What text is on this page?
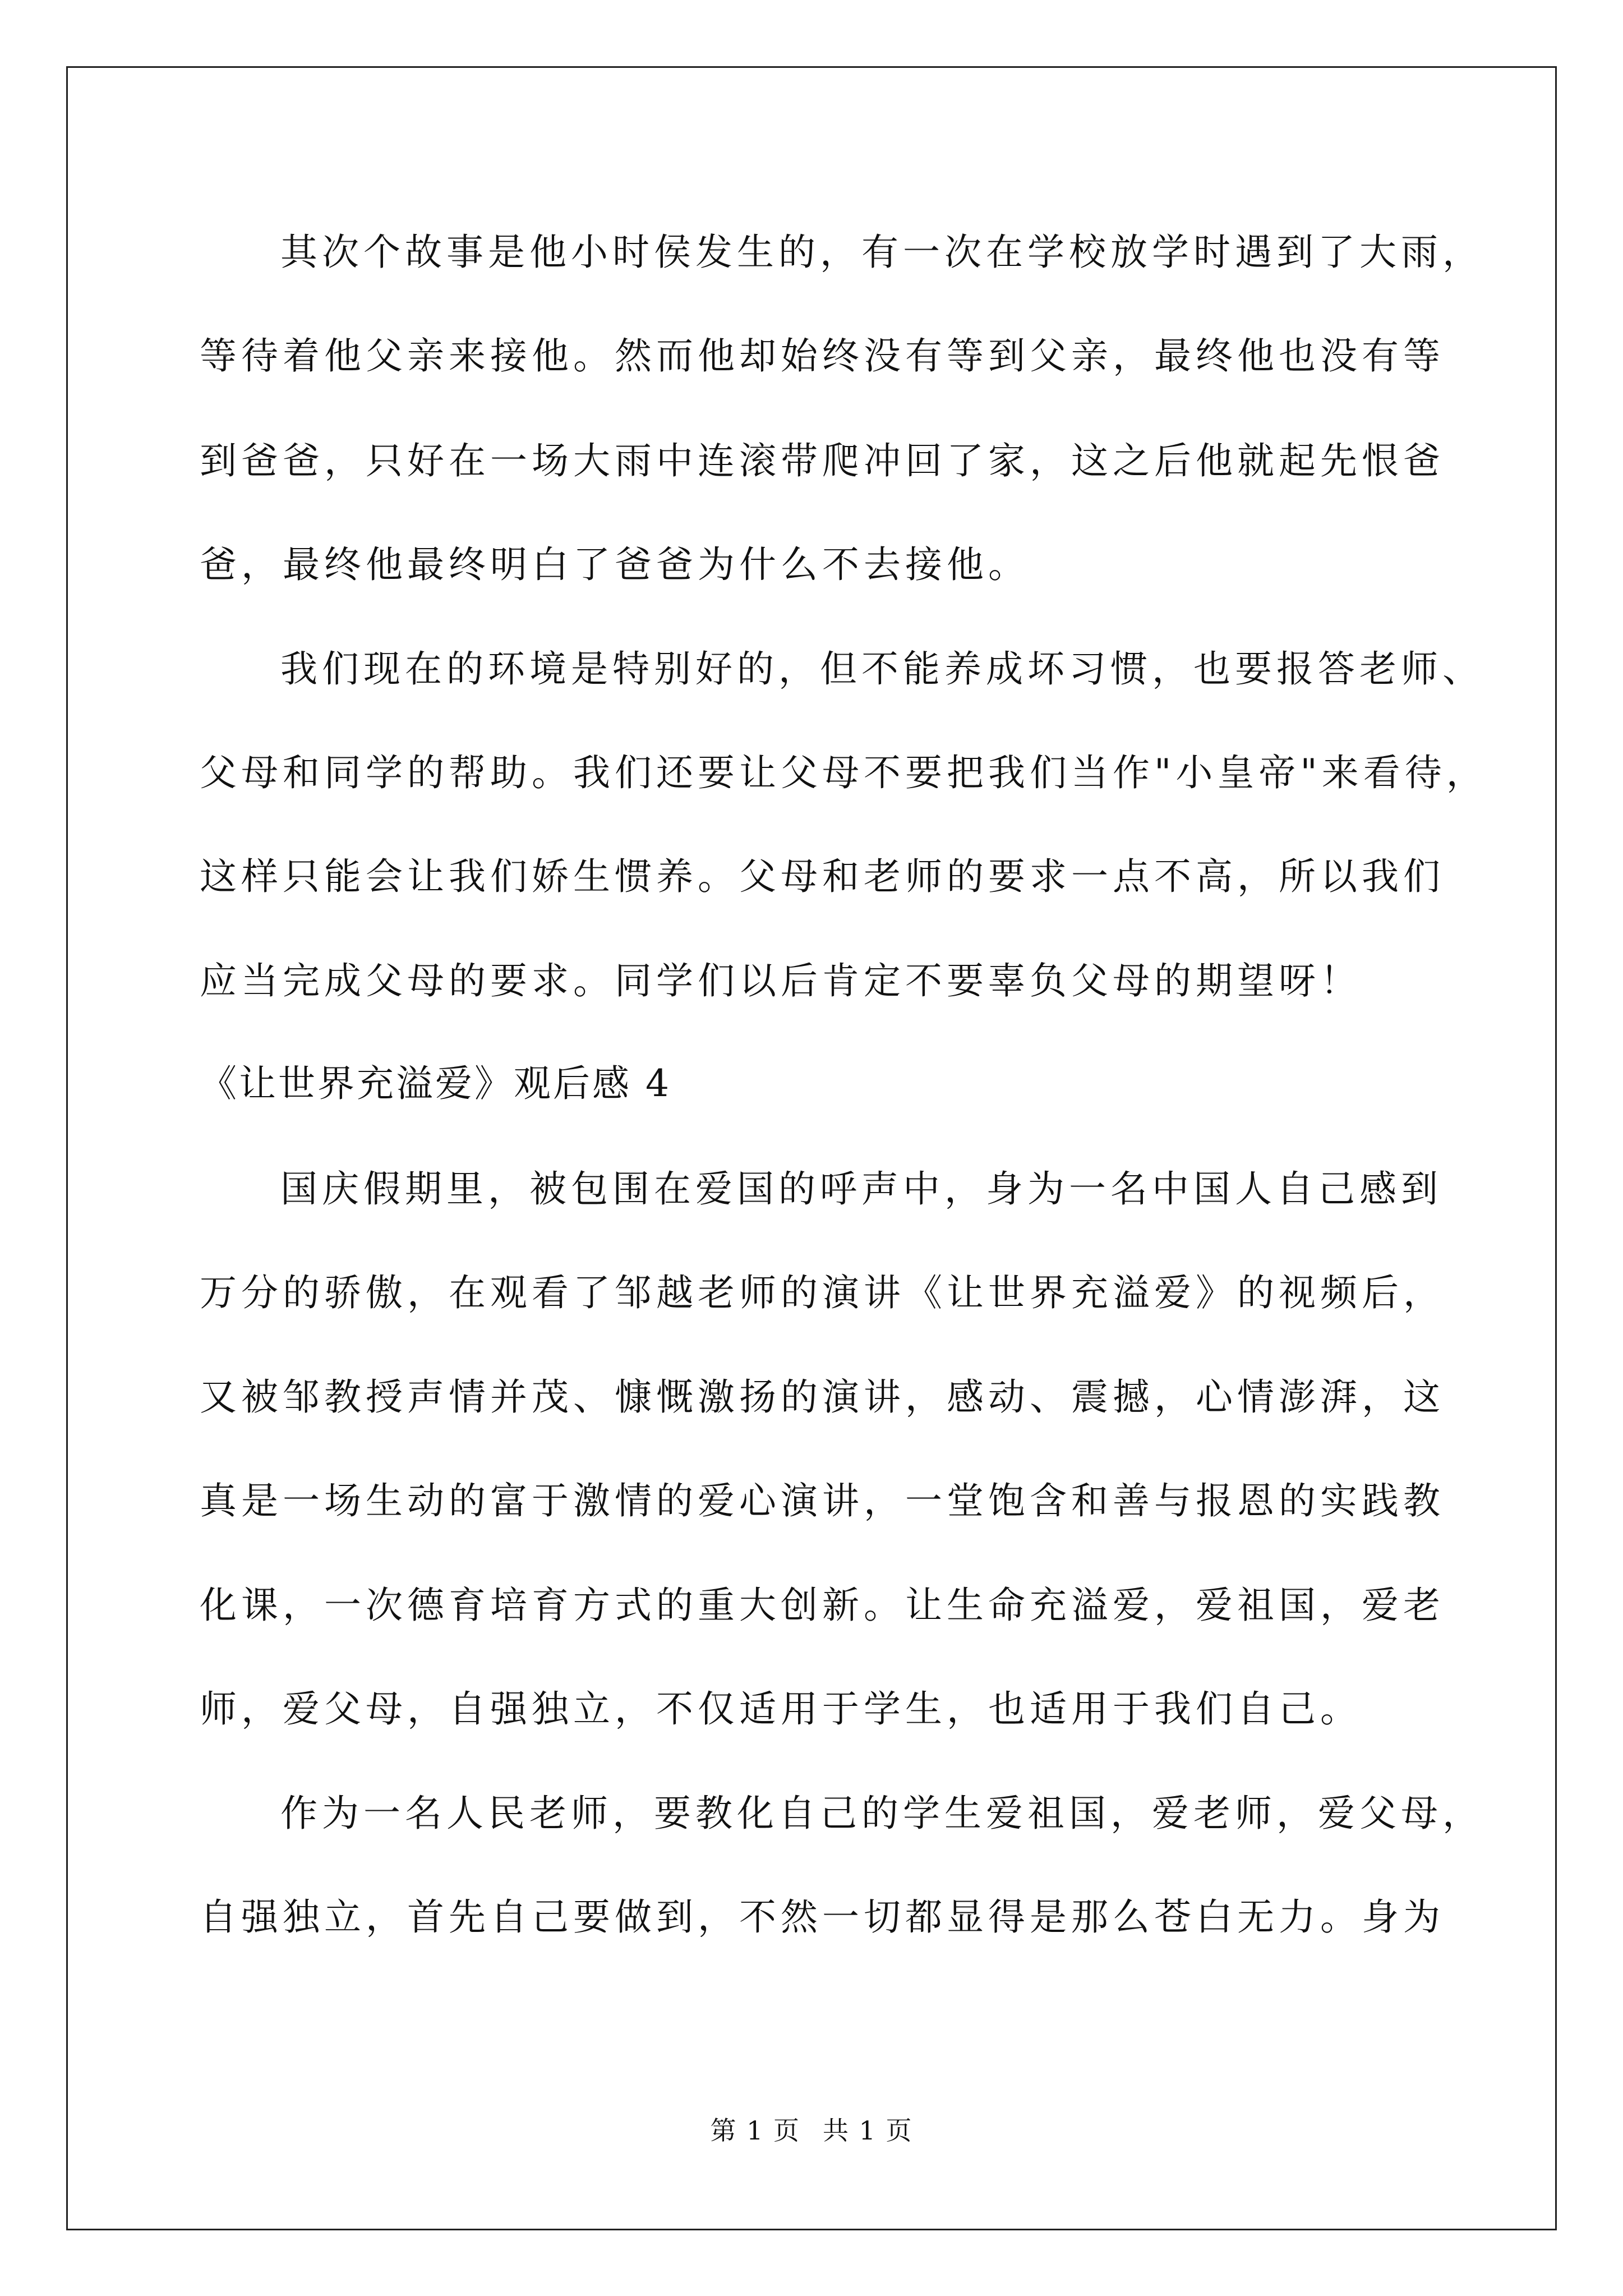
其次个故事是他小时侯发生的，有一次在学校放学时遇到了大雨，
等待着他父亲来接他。然而他却始终没有等到父亲，最终他也没有等
到爸爸，只好在一场大雨中连滚带爬冲回了家，这之后他就起先恨爸
爸，最终他最终明白了爸爸为什么不去接他。
我们现在的环境是特别好的，但不能养成坏习惯，也要报答老师、
父母和同学的帮助。我们还要让父母不要把我们当作"小皇帝"来看待，
这样只能会让我们娇生惯养。父母和老师的要求一点不高，所以我们
应当完成父母的要求。同学们以后肯定不要辜负父母的期望呀！
《让世界充溢爱》观后感 4
国庆假期里，被包围在爱国的呼声中，身为一名中国人自己感到
万分的骄傲，在观看了邹越老师的演讲《让世界充溢爱》的视频后，
又被邹教授声情并茂、慷慨激扬的演讲，感动、震撼，心情澎湃，这
真是一场生动的富于激情的爱心演讲，一堂饱含和善与报恩的实践教
化课，一次德育培育方式的重大创新。让生命充溢爱，爱祖国，爱老
师，爱父母，自强独立，不仅适用于学生，也适用于我们自己。
作为一名人民老师，要教化自己的学生爱祖国，爱老师，爱父母，
自强独立，首先自己要做到，不然一切都显得是那么苍白无力。身为
第 1 页 共 1 页
